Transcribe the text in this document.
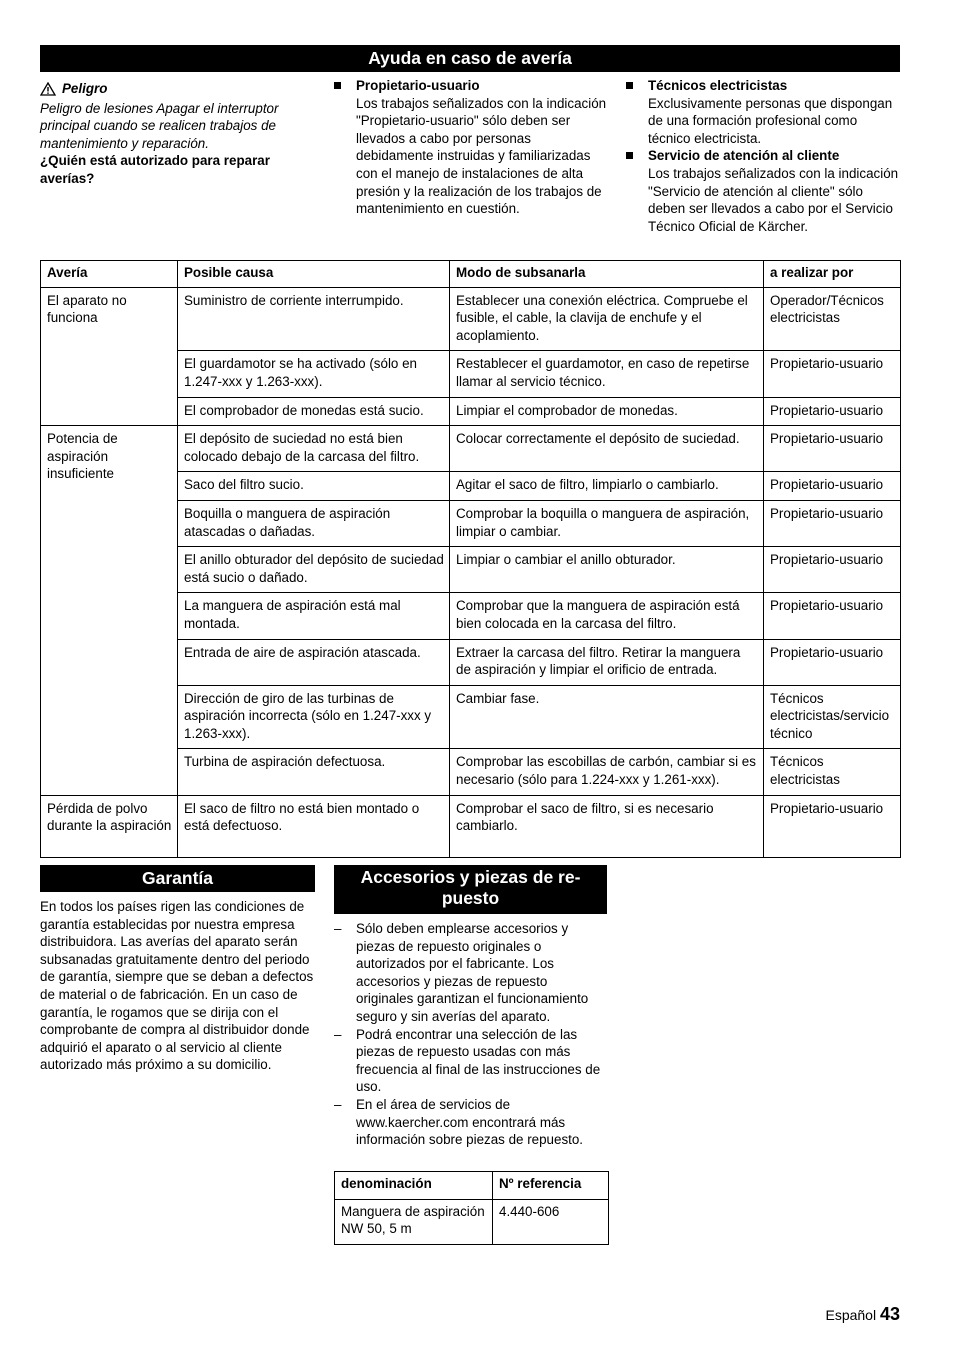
Ayuda en caso de avería
Peligro
Peligro de lesiones Apagar el interruptor principal cuando se realicen trabajos de mantenimiento y reparación.
¿Quién está autorizado para reparar averías?
Propietario-usuario
Los trabajos señalizados con la indicación "Propietario-usuario" sólo deben ser llevados a cabo por personas debidamente instruidas y familiarizadas con el manejo de instalaciones de alta presión y la realización de los trabajos de mantenimiento en cuestión.
Técnicos electricistas
Exclusivamente personas que dispongan de una formación profesional como técnico electricista.
Servicio de atención al cliente
Los trabajos señalizados con la indicación "Servicio de atención al cliente" sólo deben ser llevados a cabo por el Servicio Técnico Oficial de Kärcher.
Avería	Posible causa	Modo de subsanarla	a realizar por
El aparato no funciona	Suministro de corriente interrumpido.	Establecer una conexión eléctrica. Compruebe el fusible, el cable, la clavija de enchufe y el acoplamiento.	Operador/Técnicos electricistas
	El guardamotor se ha activado (sólo en 1.247-xxx y 1.263-xxx).	Restablecer el guardamotor, en caso de repetirse llamar al servicio técnico.	Propietario-usuario
	El comprobador de monedas está sucio.	Limpiar el comprobador de monedas.	Propietario-usuario
Potencia de aspiración insuficiente	El depósito de suciedad no está bien colocado debajo de la carcasa del filtro.	Colocar correctamente el depósito de suciedad.	Propietario-usuario
	Saco del filtro sucio.	Agitar el saco de filtro, limpiarlo o cambiarlo.	Propietario-usuario
	Boquilla o manguera de aspiración atascadas o dañadas.	Comprobar la boquilla o manguera de aspiración, limpiar o cambiar.	Propietario-usuario
	El anillo obturador del depósito de suciedad está sucio o dañado.	Limpiar o cambiar el anillo obturador.	Propietario-usuario
	La manguera de aspiración está mal montada.	Comprobar que la manguera de aspiración está bien colocada en la carcasa del filtro.	Propietario-usuario
	Entrada de aire de aspiración atascada.	Extraer la carcasa del filtro. Retirar la manguera de aspiración y limpiar el orificio de entrada.	Propietario-usuario
	Dirección de giro de las turbinas de aspiración incorrecta (sólo en 1.247-xxx y 1.263-xxx).	Cambiar fase.	Técnicos electricistas/servicio técnico
	Turbina de aspiración defectuosa.	Comprobar las escobillas de carbón, cambiar si es necesario (sólo para 1.224-xxx y 1.261-xxx).	Técnicos electricistas
Pérdida de polvo durante la aspiración	El saco de filtro no está bien montado o está defectuoso.	Comprobar el saco de filtro, si es necesario cambiarlo.	Propietario-usuario
Garantía
En todos los países rigen las condiciones de garantía establecidas por nuestra empresa distribuidora. Las averías del aparato serán subsanadas gratuitamente dentro del periodo de garantía, siempre que se deban a defectos de material o de fabricación. En un caso de garantía, le rogamos que se dirija con el comprobante de compra al distribuidor donde adquirió el aparato o al servicio al cliente autorizado más próximo a su domicilio.
Accesorios y piezas de re-
puesto
– Sólo deben emplearse accesorios y piezas de repuesto originales o autorizados por el fabricante. Los accesorios y piezas de repuesto originales garantizan el funcionamiento seguro y sin averías del aparato.
– Podrá encontrar una selección de las piezas de repuesto usadas con más frecuencia al final de las instrucciones de uso.
– En el área de servicios de www.kaercher.com encontrará más información sobre piezas de repuesto.
denominación	Nº referencia
Manguera de aspiración NW 50, 5 m	4.440-606
Español 43
